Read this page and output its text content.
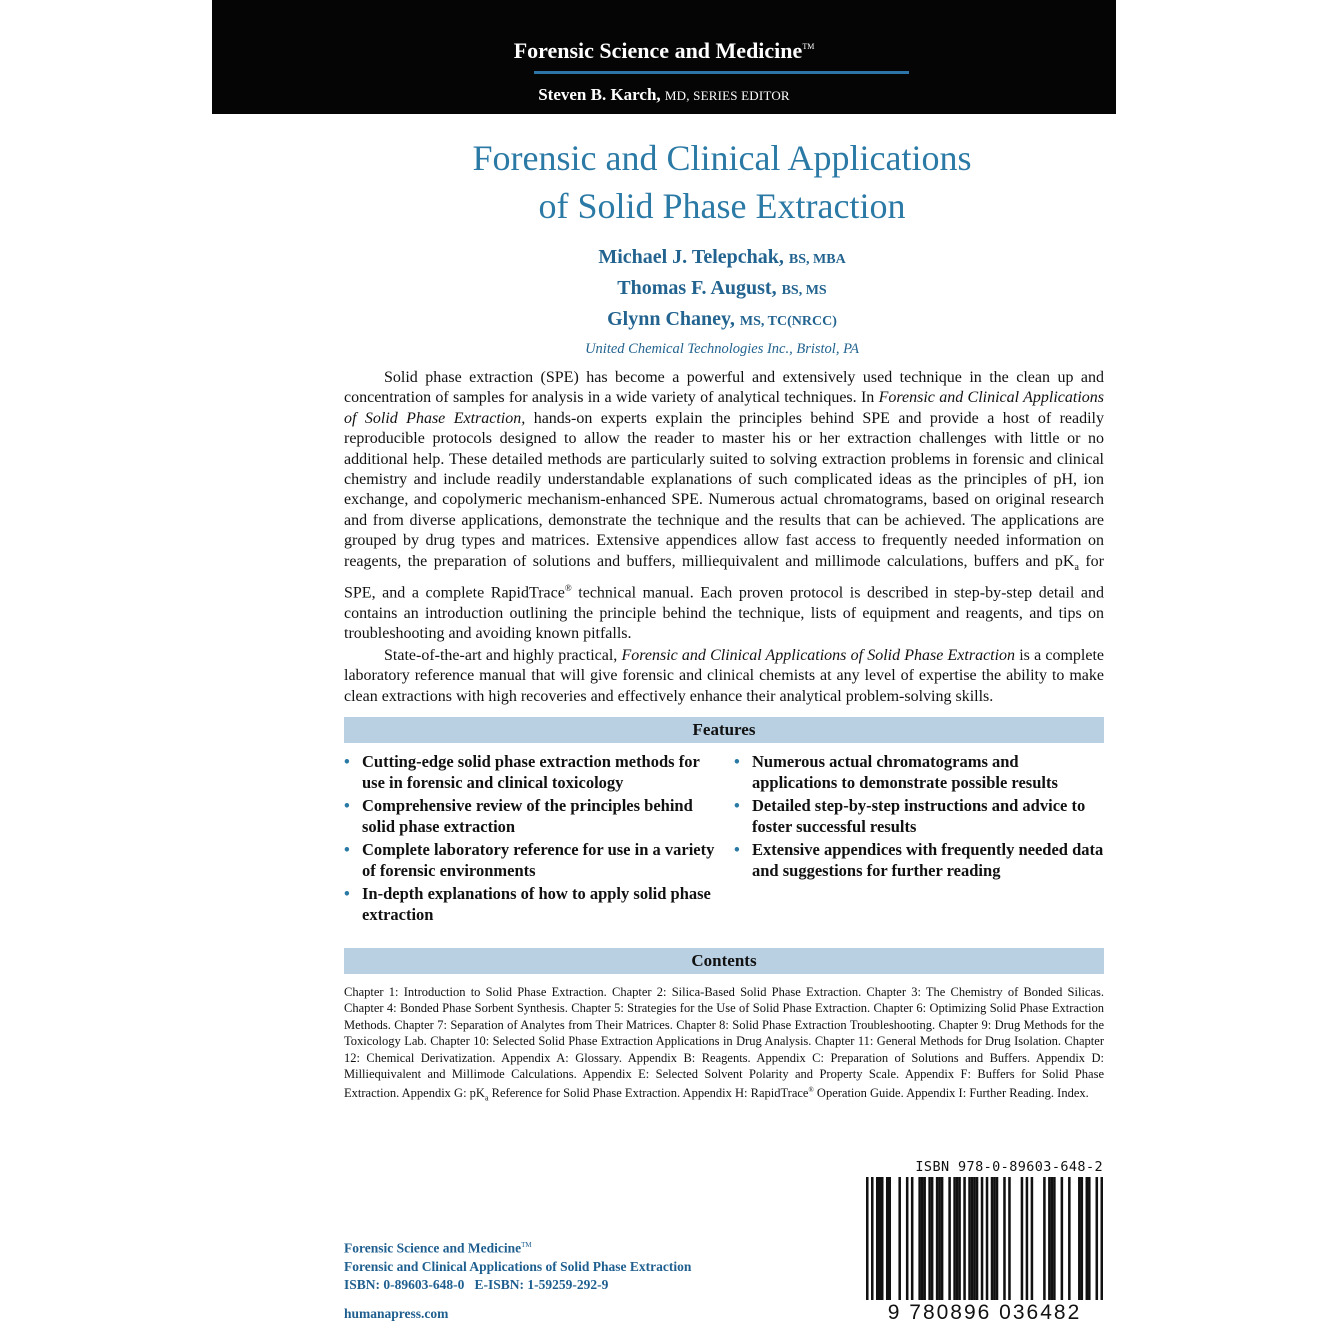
Forensic Science and Medicine™
Steven B. Karch, MD, SERIES EDITOR
Forensic and Clinical Applications
of Solid Phase Extraction
Michael J. Telepchak, BS, MBA
Thomas F. August, BS, MS
Glynn Chaney, MS, TC(NRCC)
United Chemical Technologies Inc., Bristol, PA

Solid phase extraction (SPE) has become a powerful and extensively used technique in the clean up and concentration of samples for analysis in a wide variety of analytical techniques. In Forensic and Clinical Applications of Solid Phase Extraction, hands-on experts explain the principles behind SPE and provide a host of readily reproducible protocols designed to allow the reader to master his or her extraction challenges with little or no additional help. These detailed methods are particularly suited to solving extraction problems in forensic and clinical chemistry and include readily understandable explanations of such complicated ideas as the principles of pH, ion exchange, and copolymeric mechanism-enhanced SPE. Numerous actual chromatograms, based on original research and from diverse applications, demonstrate the technique and the results that can be achieved. The applications are grouped by drug types and matrices. Extensive appendices allow fast access to frequently needed information on reagents, the preparation of solutions and buffers, milliequivalent and millimode calculations, buffers and $pK_a$ for SPE, and a complete RapidTrace® technical manual. Each proven protocol is described in step-by-step detail and contains an introduction outlining the principle behind the technique, lists of equipment and reagents, and tips on troubleshooting and avoiding known pitfalls.

State-of-the-art and highly practical, Forensic and Clinical Applications of Solid Phase Extraction is a complete laboratory reference manual that will give forensic and clinical chemists at any level of expertise the ability to make clean extractions with high recoveries and effectively enhance their analytical problem-solving skills.

Features
• Cutting-edge solid phase extraction methods for use in forensic and clinical toxicology
• Comprehensive review of the principles behind solid phase extraction
• Complete laboratory reference for use in a variety of forensic environments
• In-depth explanations of how to apply solid phase extraction
• Numerous actual chromatograms and applications to demonstrate possible results
• Detailed step-by-step instructions and advice to foster successful results
• Extensive appendices with frequently needed data and suggestions for further reading
Contents
Chapter 1: Introduction to Solid Phase Extraction. Chapter 2: Silica-Based Solid Phase Extraction. Chapter 3: The Chemistry of Bonded Silicas. Chapter 4: Bonded Phase Sorbent Synthesis. Chapter 5: Strategies for the Use of Solid Phase Extraction. Chapter 6: Optimizing Solid Phase Extraction Methods. Chapter 7: Separation of Analytes from Their Matrices. Chapter 8: Solid Phase Extraction Troubleshooting. Chapter 9: Drug Methods for the Toxicology Lab. Chapter 10: Selected Solid Phase Extraction Applications in Drug Analysis. Chapter 11: General Methods for Drug Isolation. Chapter 12: Chemical Derivatization. Appendix A: Glossary. Appendix B: Reagents. Appendix C: Preparation of Solutions and Buffers. Appendix D: Milliequivalent and Millimode Calculations. Appendix E: Selected Solvent Polarity and Property Scale. Appendix F: Buffers for Solid Phase Extraction. Appendix G: $pK_a$ Reference for Solid Phase Extraction. Appendix H: RapidTrace® Operation Guide. Appendix I: Further Reading. Index.
Forensic Science and Medicine™
Forensic and Clinical Applications of Solid Phase Extraction
ISBN: 0-89603-648-0   E-ISBN: 1-59259-292-9
humanapress.com
ISBN 978-0-89603-648-2
9 780896 036482
